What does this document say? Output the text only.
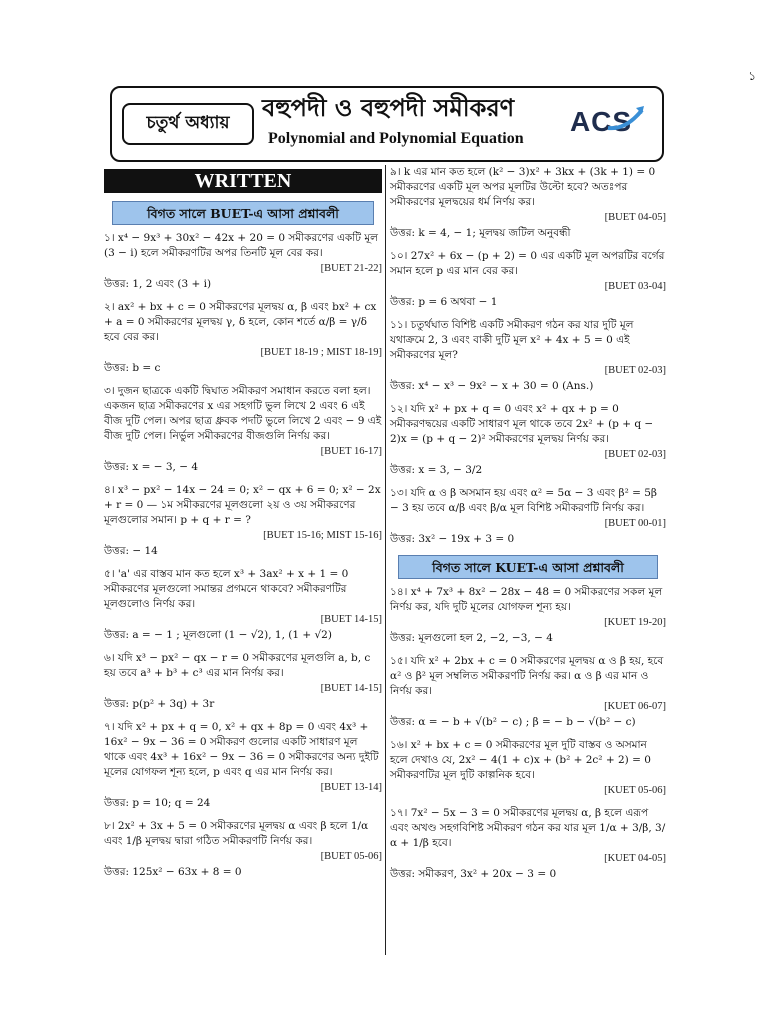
১
চতুর্থ অধ্যায়
বহুপদী ও বহুপদী সমীকরণ
Polynomial and Polynomial Equation
ACS
WRITTEN
বিগত সালে BUET-এ আসা প্রশ্নাবলী
১। x⁴ − 9x³ + 30x² − 42x + 20 = 0 সমীকরণের একটি মূল (3 − i) হলে সমীকরণটির অপর তিনটি মূল বের কর।
[BUET 21-22]
উত্তর: 1, 2 এবং (3 + i)
২। ax² + bx + c = 0 সমীকরণের মূলদ্বয় α, β এবং bx² + cx + a = 0 সমীকরণের মূলদ্বয় γ, δ হলে, কোন শর্তে α/β = γ/δ হবে বের কর।
[BUET 18-19 ; MIST 18-19]
উত্তর: b = c
৩। দুজন ছাত্রকে একটি দ্বিঘাত সমীকরণ সমাধান করতে বলা হল। একজন ছাত্র সমীকরণের x এর সহগটি ভুল লিখে 2 এবং 6 এই বীজ দুটি পেল। অপর ছাত্র ধ্রুবক পদটি ভুলে লিখে 2 এবং − 9 এই বীজ দুটি পেল। নির্ভুল সমীকরণের বীজগুলি নির্ণয় কর।
[BUET 16-17]
উত্তর: x = − 3, − 4
৪। x³ − px² − 14x − 24 = 0; x² − qx + 6 = 0; x² − 2x + r = 0 — ১ম সমীকরণের মূলগুলো ২য় ও ৩য় সমীকরণের মূলগুলোর সমান। p + q + r = ?
[BUET 15-16; MIST 15-16]
উত্তর: − 14
৫। 'a' এর বাস্তব মান কত হলে x³ + 3ax² + x + 1 = 0 সমীকরণের মূলগুলো সমান্তর প্রগমনে থাকবে? সমীকরণটির মূলগুলোও নির্ণয় কর।
[BUET 14-15]
উত্তর: a = − 1 ; মূলগুলো (1 − √2), 1, (1 + √2)
৬। যদি x³ − px² − qx − r = 0 সমীকরণের মূলগুলি a, b, c হয় তবে a³ + b³ + c³ এর মান নির্ণয় কর।
[BUET 14-15]
উত্তর: p(p² + 3q) + 3r
৭। যদি x² + px + q = 0, x² + qx + 8p = 0 এবং 4x³ + 16x² − 9x − 36 = 0 সমীকরণ গুলোর একটি সাধারণ মূল থাকে এবং 4x³ + 16x² − 9x − 36 = 0 সমীকরণের অন্য দুইটি মূলের যোগফল শূন্য হলে, p এবং q এর মান নির্ণয় কর।
[BUET 13-14]
উত্তর: p = 10; q = 24
৮। 2x² + 3x + 5 = 0 সমীকরণের মূলদ্বয় α এবং β হলে 1/α এবং 1/β মূলদ্বয় দ্বারা গঠিত সমীকরণটি নির্ণয় কর।
[BUET 05-06]
উত্তর: 125x² − 63x + 8 = 0
৯। k এর মান কত হলে (k² − 3)x² + 3kx + (3k + 1) = 0 সমীকরণের একটি মূল অপর মূলটির উল্টো হবে? অতঃপর সমীকরণের মূলদ্বয়ের ধর্ম নির্ণয় কর।
[BUET 04-05]
উত্তর: k = 4, − 1; মূলদ্বয় জটিল অনুবন্ধী
১০। 27x² + 6x − (p + 2) = 0 এর একটি মূল অপরটির বর্গের সমান হলে p এর মান বের কর।
[BUET 03-04]
উত্তর: p = 6 অথবা − 1
১১। চতুর্থঘাত বিশিষ্ট একটি সমীকরণ গঠন কর যার দুটি মূল যথাক্রমে 2, 3 এবং বাকী দুটি মূল x² + 4x + 5 = 0 এই সমীকরণের মূল?
[BUET 02-03]
উত্তর: x⁴ − x³ − 9x² − x + 30 = 0 (Ans.)
১২। যদি x² + px + q = 0 এবং x² + qx + p = 0 সমীকরণদ্বয়ের একটি সাধারণ মূল থাকে তবে 2x² + (p + q − 2)x = (p + q − 2)² সমীকরণের মূলদ্বয় নির্ণয় কর।
[BUET 02-03]
উত্তর: x = 3, − 3/2
১৩। যদি α ও β অসমান হয় এবং α² = 5α − 3 এবং β² = 5β − 3 হয় তবে α/β এবং β/α মূল বিশিষ্ট সমীকরণটি নির্ণয় কর।
[BUET 00-01]
উত্তর: 3x² − 19x + 3 = 0
বিগত সালে KUET-এ আসা প্রশ্নাবলী
১৪। x⁴ + 7x³ + 8x² − 28x − 48 = 0 সমীকরণের সকল মূল নির্ণয় কর, যদি দুটি মূলের যোগফল শূন্য হয়।
[KUET 19-20]
উত্তর: মূলগুলো হল 2, −2, −3, − 4
১৫। যদি x² + 2bx + c = 0 সমীকরণের মূলদ্বয় α ও β হয়, হবে α² ও β² মূল সম্বলিত সমীকরণটি নির্ণয় কর। α ও β এর মান ও নির্ণয় কর।
[KUET 06-07]
উত্তর: α = − b + √(b² − c) ; β = − b − √(b² − c)
১৬। x² + bx + c = 0 সমীকরণের মূল দুটি বাস্তব ও অসমান হলে দেখাও যে, 2x² − 4(1 + c)x + (b² + 2c² + 2) = 0 সমীকরণটির মূল দুটি কাল্পনিক হবে।
[KUET 05-06]
১৭। 7x² − 5x − 3 = 0 সমীকরণের মূলদ্বয় α, β হলে এরূপ এবং অখণ্ড সহগবিশিষ্ট সমীকরণ গঠন কর যার মূল 1/α + 3/β, 3/α + 1/β হবে।
[KUET 04-05]
উত্তর: সমীকরণ, 3x² + 20x − 3 = 0
